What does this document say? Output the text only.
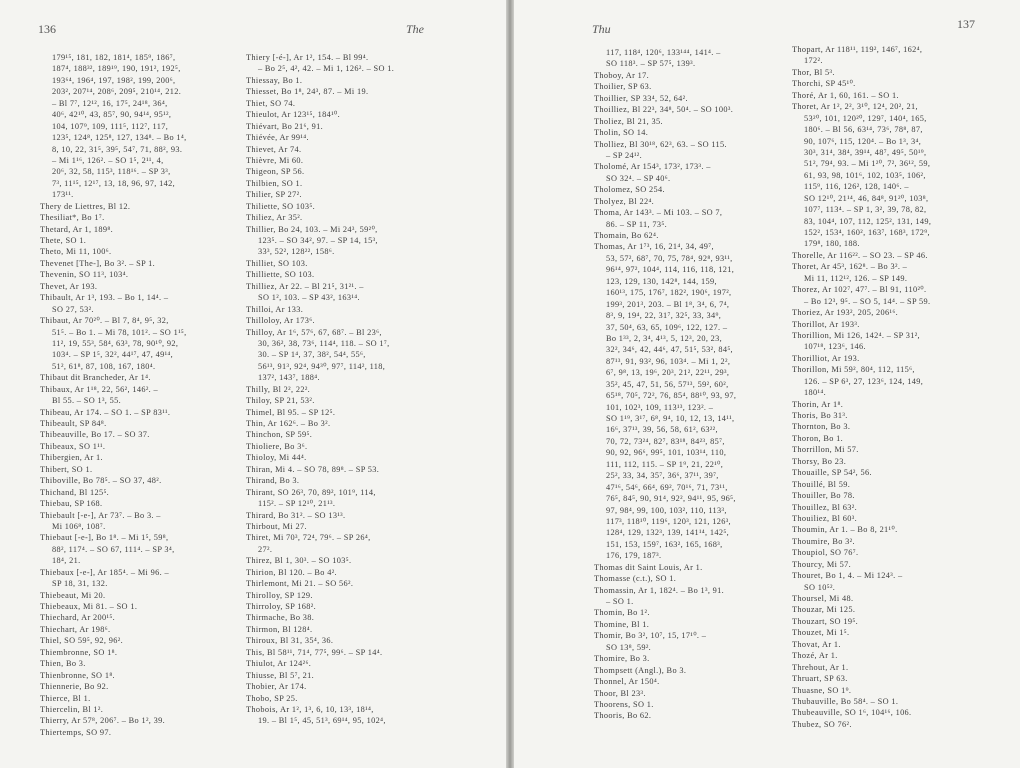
136	The
179¹⁵, 181, 182, 181⁴, 185⁹, 186⁷,
187⁴, 188³², 189¹⁹, 190, 191², 192⁵,
193⁶⁴, 196⁴, 197, 198², 199, 200⁶,
203², 207¹⁴, 208⁶, 209⁵, 210¹⁴, 212.
– Bl 7⁷, 12¹², 16, 17⁵, 24¹⁸, 36⁴,
40⁶, 42¹⁰, 43, 85⁷, 90, 94¹⁴, 95¹²,
104, 107⁹, 109, 111⁵, 112⁷, 117,
123⁵, 124⁸, 125⁸, 127, 134⁸. – Bo 1⁴,
8, 10, 22, 31⁵, 39⁵, 54⁷, 71, 88², 93.
– Mi 1¹⁶, 126². – SO 1⁵, 2¹¹, 4,
20⁶, 32, 58, 115³, 118¹⁶. – SP 3³,
7³, 11¹⁵, 12¹⁷, 13, 18, 96, 97, 142,
173¹¹.
Thery de Liettres, Bl 12.
Thesiliat*, Bo 1⁷.
Thetard, Ar 1, 189⁸.
Thete, SO 1.
Theto, Mi 11, 100⁶.
Thevenet [The-], Bo 3². – SP 1.
Thevenin, SO 11³, 103⁴.
Thevet, Ar 193.
Thibault, Ar 1³, 193. – Bo 1, 14⁴. –
SO 27, 53².
Thibaut, Ar 70²⁰. – Bl 7, 8⁴, 9⁵, 32,
51⁵. – Bo 1. – Mi 78, 101². – SO 1¹⁵,
11², 19, 55³, 58⁴, 63³, 78, 90¹⁰, 92,
103⁴. – SP 1⁵, 32², 44¹⁷, 47, 49¹⁴,
51², 61⁸, 87, 108, 167, 180⁴.
Thibaut dit Brancheder, Ar 1⁴.
Thibaux, Ar 1¹⁸, 22, 56², 146². –
Bl 55. – SO 1³, 55.
Thibeau, Ar 174. – SO 1. – SP 83¹¹.
Thibeault, SP 84⁸.
Thibeauville, Bo 17. – SO 37.
Thibeaux, SO 1¹¹.
Thibergien, Ar 1.
Thibert, SO 1.
Thiboville, Bo 78⁵. – SO 37, 48².
Thichand, Bl 125⁵.
Thiebau, SP 168.
Thiebault [-e-], Ar 73⁷. – Bo 3. –
Mi 106⁸, 108⁷.
Thiebaut [-e-], Bo 1⁸. – Mi 1⁵, 59⁸,
88², 117⁴. – SO 67, 111⁴. – SP 3⁴,
18⁴, 21.
Thiebaux [-e-], Ar 185⁴. – Mi 96. –
SP 18, 31, 132.
Thiebeaut, Mi 20.
Thiebeaux, Mi 81. – SO 1.
Thiechard, Ar 200¹⁵.
Thiechart, Ar 198⁶.
Thiel, SO 59⁵, 92, 96².
Thiembronne, SO 1⁸.
Thien, Bo 3.
Thienbronne, SO 1⁸.
Thiennerie, Bo 92.
Thierce, Bl 1.
Thiercelin, Bl 1².
Thierry, Ar 57⁸, 206⁷. – Bo 1², 39.
Thiertemps, SO 97.
Thiery [-é-], Ar 1², 154. – Bl 99⁴.
– Bo 2⁵, 4², 42. – Mi 1, 126². – SO 1.
Thiessay, Bo 1.
Thiesset, Bo 1⁸, 24³, 87. – Mi 19.
Thiet, SO 74.
Thieulot, Ar 123¹⁵, 184¹⁰.
Thiévart, Bo 21⁶, 91.
Thiévée, Ar 99¹⁴.
Thievet, Ar 74.
Thièvre, Mi 60.
Thigeon, SP 56.
Thilbien, SO 1.
Thilier, SP 27².
Thiliette, SO 103⁵.
Thiliez, Ar 35².
Thillier, Bo 24, 103. – Mi 24³, 59²⁰,
123⁵. – SO 34², 97. – SP 14, 15³,
33³, 52², 128²², 158⁶.
Thilliet, SO 103.
Thilliette, SO 103.
Thilliez, Ar 22. – Bl 21⁵, 31²¹. –
SO 1², 103. – SP 43², 163¹⁴.
Thilloi, Ar 133.
Thilloloy, Ar 173⁶.
Thilloy, Ar 1⁶, 57⁶, 67, 68⁷. – Bl 23⁶,
30, 36², 38, 73⁶, 114⁴, 118. – SO 1⁷,
30. – SP 1⁴, 37, 38², 54⁴, 55⁶,
56¹³, 91³, 92⁴, 94³⁰, 97⁷, 114², 118,
137², 143⁷, 188⁴.
Thilly, Bl 2², 22².
Thiloy, SP 21, 53².
Thimel, Bl 95. – SP 12⁵.
Thin, Ar 162⁶. – Bo 3².
Thinchon, SP 59⁵.
Thioliere, Bo 3⁶.
Thioloy, Mi 44⁴.
Thiran, Mi 4. – SO 78, 89⁸. – SP 53.
Thirand, Bo 3.
Thirant, SO 26³, 70, 89², 101⁹, 114,
115². – SP 12¹⁰, 21¹³.
Thirard, Bo 31². – SO 13¹³.
Thirbout, Mi 27.
Thiret, Mi 70³, 72⁴, 79⁶. – SP 26⁴,
27².
Thirez, Bl 1, 30³. – SO 103⁵.
Thirion, Bl 120. – Bo 4².
Thirlemont, Mi 21. – SO 56².
Thirolloy, SP 129.
Thirroloy, SP 168².
Thirmache, Bo 38.
Thirmon, Bl 128⁴.
Thiroux, Bl 31, 35⁴, 36.
This, Bl 58¹¹, 71⁴, 77⁵, 99⁶. – SP 14⁴.
Thiulot, Ar 124²⁶.
Thiusse, Bl 5⁷, 21.
Thobier, Ar 174.
Thobo, SP 25.
Thobois, Ar 1², 1³, 6, 10, 13³, 18¹⁴,
19. – Bl 1⁵, 45, 51³, 69¹⁴, 95, 102⁴,
Thu	137
117, 118⁴, 120⁶, 133¹⁴⁴, 141⁴. –
SO 118³. – SP 57⁵, 139³.
Thoboy, Ar 17.
Thoilier, SP 63.
Thoillier, SP 33⁴, 52, 64².
Thoilliez, Bl 22³, 34⁸, 50⁴. – SO 100³.
Tholiez, Bl 21, 35.
Tholin, SO 14.
Tholliez, Bl 30¹⁸, 62³, 63. – SO 115.
– SP 24¹².
Tholomé, Ar 154³, 173², 173³. –
SO 32⁴. – SP 40⁶.
Tholomez, SO 254.
Tholyez, Bl 22⁴.
Thoma, Ar 143³. – Mi 103. – SO 7,
86. – SP 11, 73⁵.
Thomain, Bo 62⁴.
Thomas, Ar 1⁷³, 16, 21⁴, 34, 49⁷,
53, 57², 68⁷, 70, 75, 78⁴, 92⁸, 93¹¹,
96¹⁴, 97², 104⁴, 114, 116, 118, 121,
123, 129, 130, 142⁸, 144, 159,
160¹³, 175, 176⁷, 182², 190⁶, 197²,
199³, 201³, 203. – Bl 1⁸, 3⁴, 6, 7⁴,
8³, 9, 19⁴, 22, 31⁷, 32⁵, 33, 34⁹,
37, 50⁴, 63, 65, 109⁶, 122, 127. –
Bo 1³³, 2, 3⁴, 4¹³, 5, 12³, 20, 23,
32², 34⁶, 42, 44⁶, 47, 51⁵, 53², 84⁵,
87¹³, 91, 93², 96, 103⁴. – Mi 1, 2²,
6⁷, 9⁸, 13, 19⁶, 20³, 21², 22¹¹, 29³,
35², 45, 47, 51, 56, 57¹³, 59², 60²,
65¹⁸, 70⁵, 72², 76, 85⁴, 88¹⁰, 93, 97,
101, 102³, 109, 113¹³, 123². –
SO 1¹⁹, 3¹⁷, 6⁸, 9⁴, 10, 12, 13, 14¹¹,
16⁶, 37¹³, 39, 56, 58, 61², 63²²,
70, 72, 73²⁴, 82⁷, 83¹⁸, 84²³, 85⁷,
90, 92, 96⁶, 99⁵, 101, 103¹⁴, 110,
111, 112, 115. – SP 1⁹, 21, 22¹⁰,
25², 33, 34, 35⁷, 36⁶, 37¹¹, 39⁷,
47¹⁶, 54⁶, 66⁴, 69², 70¹⁶, 71, 73¹¹,
76⁵, 84⁵, 90, 91⁴, 92², 94¹¹, 95, 96⁵,
97, 98⁴, 99, 100, 103², 110, 113³,
117³, 118¹⁰, 119⁶, 120³, 121, 126³,
128⁴, 129, 132³, 139, 141¹⁴, 142⁵,
151, 153, 159⁷, 163², 165, 168³,
176, 179, 187³.
Thomas dit Saint Louis, Ar 1.
Thomasse (c.t.), SO 1.
Thomassin, Ar 1, 182⁴. – Bo 1³, 91.
– SO 1.
Thomin, Bo 1².
Thomine, Bl 1.
Thomir, Bo 3², 10⁷, 15, 17¹⁰. –
SO 13⁸, 59².
Thomire, Bo 3.
Thompsett (Angl.), Bo 3.
Thonnel, Ar 150⁴.
Thoor, Bl 23³.
Thoorens, SO 1.
Thooris, Bo 62.
Thopart, Ar 118¹¹, 119², 146⁷, 162⁴,
172².
Thor, Bl 5³.
Thorchi, SP 45¹⁰.
Thoré, Ar 1, 60, 161. – SO 1.
Thoret, Ar 1², 2², 3¹⁰, 12⁴, 20², 21,
53²⁰, 101, 120²⁰, 129⁷, 140⁴, 165,
180⁶. – Bl 56, 63¹⁴, 73⁶, 78⁸, 87,
90, 107⁶, 115, 120⁴. – Bo 1³, 3⁴,
30³, 31⁴, 38⁴, 39¹⁴, 48⁷, 49⁵, 50¹⁹,
51², 79⁴, 93. – Mi 1²⁰, 7², 36¹², 59,
61, 93, 98, 101⁶, 102, 103⁵, 106²,
115⁹, 116, 126², 128, 140⁶. –
SO 12¹⁰, 21¹⁴, 46, 84⁸, 91²⁰, 103⁸,
107⁷, 113⁴. – SP 1, 3², 39, 78, 82,
83, 104⁴, 107, 112, 125², 131, 149,
152², 153⁴, 160², 163⁷, 168³, 172⁹,
179⁸, 180, 188.
Thorelle, Ar 116²². – SO 23. – SP 46.
Thoret, Ar 45³, 162⁸. – Bo 3². –
Mi 11, 112¹², 126. – SP 149.
Thorez, Ar 102⁷, 47⁷. – Bl 91, 110²⁰.
– Bo 12³, 9⁵. – SO 5, 14⁴. – SP 59.
Thoriez, Ar 193², 205, 206¹⁶.
Thorillot, Ar 193³.
Thorillion, Mi 126, 142⁴. – SP 31²,
107¹⁸, 123⁶, 146.
Thorilliot, Ar 193.
Thorillon, Mi 59², 80⁴, 112, 115⁶,
126. – SP 6³, 27, 123⁶, 124, 149,
180¹⁴.
Thorin, Ar 1⁸.
Thoris, Bo 31³.
Thornton, Bo 3.
Thoron, Bo 1.
Thorrillon, Mi 57.
Thorsy, Bo 23.
Thouaille, SP 54², 56.
Thouillé, Bl 59.
Thouiller, Bo 78.
Thouillez, Bl 63².
Thouiliez, Bl 60³.
Thoumin, Ar 1. – Bo 8, 21¹⁰.
Thoumire, Bo 3².
Thoupiol, SO 76⁷.
Thourcy, Mi 57.
Thouret, Bo 1, 4. – Mi 124³. –
SO 10⁵².
Thoursel, Mi 48.
Thouzar, Mi 125.
Thouzart, SO 19⁵.
Thouzet, Mi 1⁵.
Thovat, Ar 1.
Thozé, Ar 1.
Threhout, Ar 1.
Thruart, SP 63.
Thuasne, SO 1⁹.
Thubauville, Bo 58⁴. – SO 1.
Thubeauville, SO 1⁶, 104¹⁶, 106.
Thubez, SO 76².
